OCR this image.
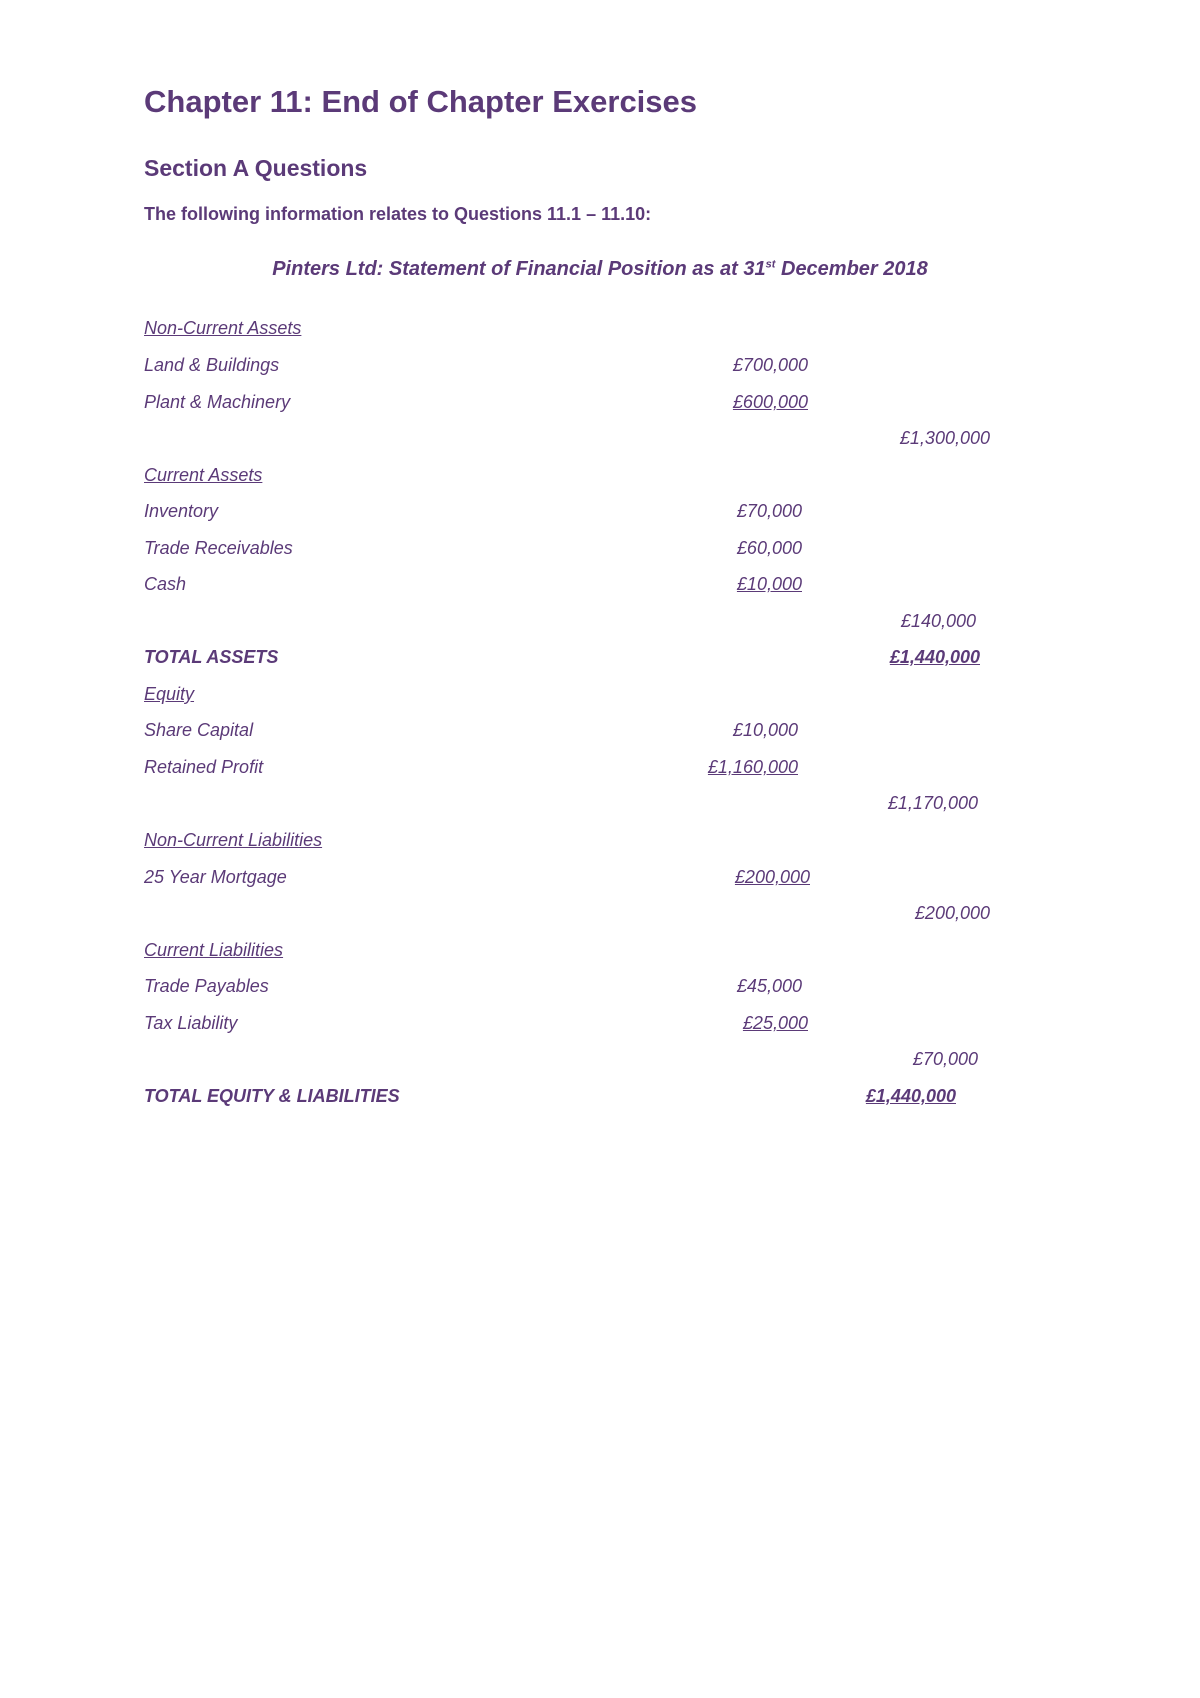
Chapter 11: End of Chapter Exercises
Section A Questions
The following information relates to Questions 11.1 – 11.10:
Pinters Ltd: Statement of Financial Position as at 31st December 2018
Non-Current Assets
Land & Buildings	£700,000
Plant & Machinery	£600,000
£1,300,000
Current Assets
Inventory	£70,000
Trade Receivables	£60,000
Cash	£10,000
£140,000
TOTAL ASSETS	£1,440,000
Equity
Share Capital	£10,000
Retained Profit	£1,160,000
£1,170,000
Non-Current Liabilities
25 Year Mortgage	£200,000
£200,000
Current Liabilities
Trade Payables	£45,000
Tax Liability	£25,000
£70,000
TOTAL EQUITY & LIABILITIES	£1,440,000
